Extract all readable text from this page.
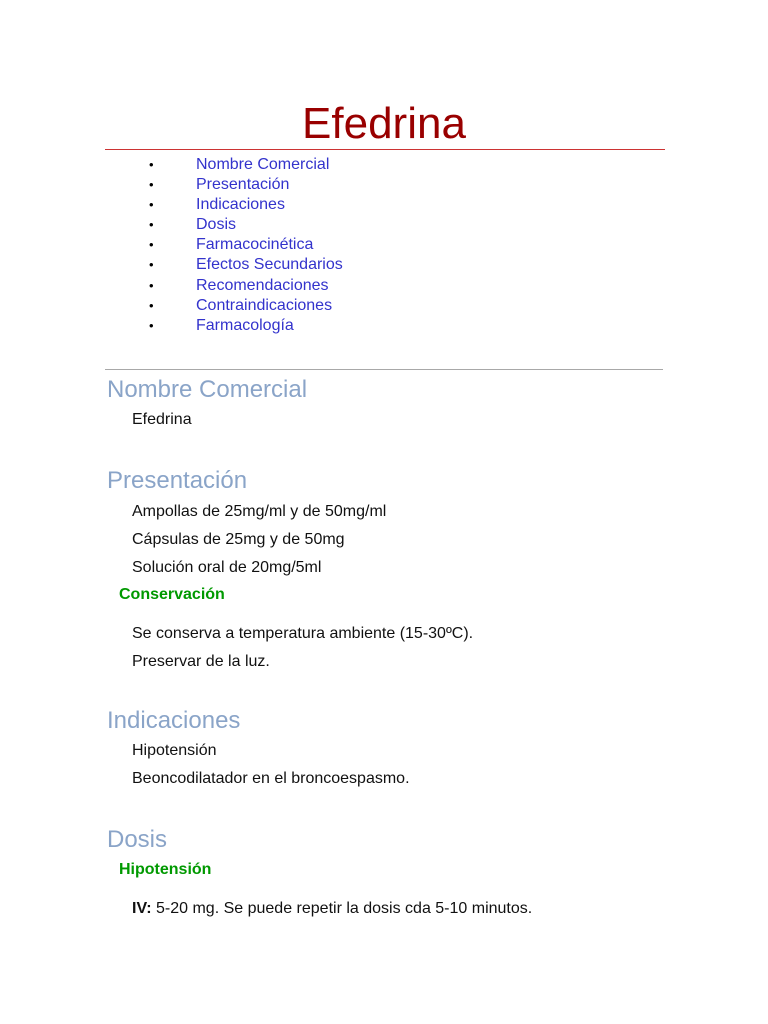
Efedrina
•	Nombre Comercial
•	Presentación
•	Indicaciones
•	Dosis
•	Farmacocinética
•	Efectos Secundarios
•	Recomendaciones
•	Contraindicaciones
•	Farmacología
Nombre Comercial
Efedrina
Presentación
Ampollas de 25mg/ml y de 50mg/ml
Cápsulas de 25mg y de 50mg
Solución oral de 20mg/5ml
Conservación
Se conserva a temperatura ambiente (15-30ºC).
Preservar de la luz.
Indicaciones
Hipotensión
Beoncodilatador en el broncoespasmo.
Dosis
Hipotensión
IV: 5-20 mg. Se puede repetir la dosis cda 5-10 minutos.
